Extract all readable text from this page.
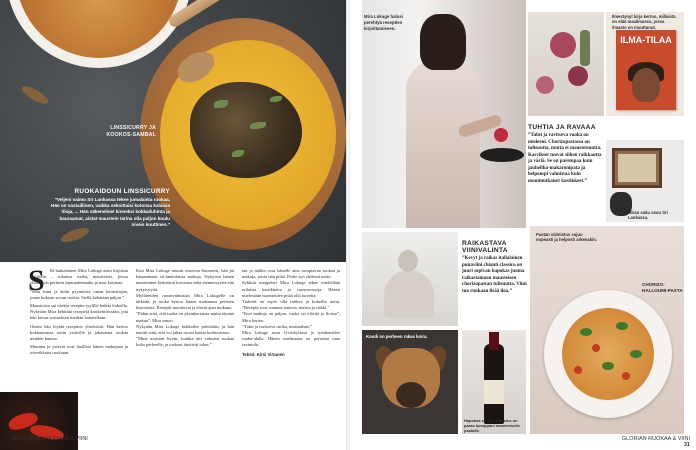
LINSSICURRY JA
KOOKOS-SAMBAL
RUOKAIDOUN LINSSICURRY
”Veljeni vaimo Sri Lankassa tekee jumalaista ruokaa. Hän on vastaillinen, vaikka sekoittaisi kotonsa kalaisia tiloja, ... Hän väkeneliset kinneksi kokkailuhinta ja hauraamat, aistat maustein tarina olla paljon koulu niveis kuuttinen.”
S	Ri-lankalainen Mira Lokuge astui kirjoista keittiöön – sukunsa ruoka, mausteiset, joissa yhdistyvät perheen lapsuudenmaku ja uusi kotimaa.

”Sain isäni ja äidin pyynnöstä oman keittokirjan, jonne kokoan suvun ruokia. Siellä kokataan paljon.”

Maustoista sai itsekin reseptin tyylille kaikki kokeilla. Nykyään Mira kehittää reseptejä kotikeittiössään, jota hän kuvaa sosiaalisen median kanavillaan.

Onnea hän löytää reseptien yhteisöstä. Hän kertoo kokkaavansa usein ystäville ja jakavansa ruokaa muiden kanssa.

Mumma ja ystävät ovat ihailleet hänen makujaan ja toiveikkaita ruokiaan.

Kun Mira Lokuge muutti nuorena Suomeen, hän jäi kaipaamaan sri-lankalaisia makuja. Nykyisin hänen mausteinen keittiönsä kuvastaa sekä menneisyyttä että nykyisyyttä.

Mylläreiden ruoanvalmistus Mira Lokugelle on tärkeää, ja ruoka kertoo hänen mukaansa perheen historiasta. Reseptit muuttuvat ja elävät ajan mukana.

”Pidän siitä, että ruoka on yksinkertaista mutta täynnä makua”, Mira sanoo.

Nykyään Mira Lokuge kokkailee päivittäin, ja hän nauttii siitä, että voi jakaa ruoan kautta kulttuuriaan.

”Minä muistan hyvin, kuinka äiti valmisti ruokaa koko perheelle, ja tuoksut täyttivät talon.”

tan ja mäkin ovat hänelle aina tavaptavaa ruokaa ja makuja, joista hän pitää. Perhe syö yhdessä usein.

Sykkiin aseppehei Mira Lokuge tekee mielellään erilaisia kastikkeita ja currysoosseja. Hänen mielestään mausteiden pitää olla tuoreita.

Tärkeää on myös olla rohkea ja kokeilla uutta. ”Reseptit ovat suuntaa antavia, maista ja säädä.”

”Kun makuja on paljon, ruoka on elävää ja iloista”, Mira kertoo.

”Tuhti ja ravitseva ruoka, muistathan.”

Mira Lokuge asuu Jyväskylässä ja työskentelee ruoka-alalla. Hänen unelmansa on perustaa oma ravintola.

Teksti: Kirsi Virtanen

30 GLORIAN RUOKAA & VIINI
Mira Lokuge halusi perehtyä reseptien kirjoittamiseen.
ILMA-TILAA
Ilmestynyt kirja kertoo, millaista on elää maailmassa, jossa ilmasto on muuttunut.
TUHTIA JA RAVAAA
”Tuhti ja ravitseva ruoka on mieleeni. Chorizopastassa on tulisuutta, mutta ei mausteisuutta. Kasvikset tuovat siihen raikkautta ja väriä. Se on parempaa kuin jauheliha-makaronipata ja helpompi valmistaa kuin monimutkaiset kastikkeet.”
Miran suku asuu Sri Lankassa.
RAIKASTAVA VIINIVALINTA
”Kevyt ja raikas italialainen punaviini chianti classico on juuri sopivan hapokas juoma raikastamaan mausteisen chorizopastan tulisuutta. Viini tuo ruokaan lisää iloa.”
Koodi on perheen rakas koira.
Hapokas chianti classico on paras kumppani mausteiselle pastalle.
Pastan valmistus sujuu nopeasti ja helposti arkenakin.
CHORIZO-HALLOUMI-PASTA
GLORIAN RUOKAA & VIINI 31
